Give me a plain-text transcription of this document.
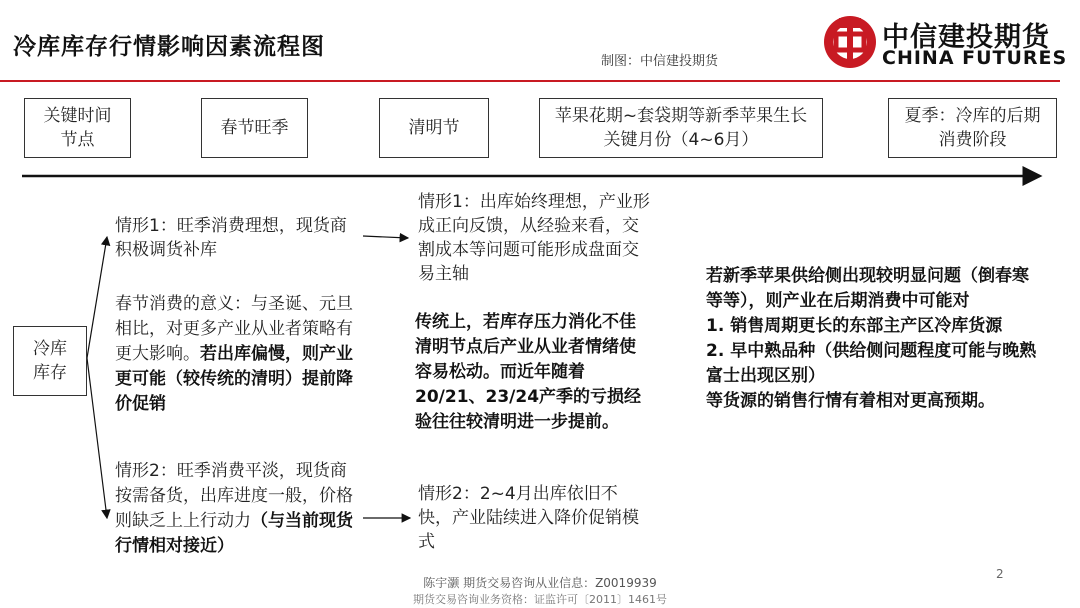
冷库库存行情影响因素流程图
制图：中信建投期货
中信建投期货
CHINA FUTURES
关键时间节点
春节旺季	清明节
苹果花期~套袋期等新季苹果生长关键月份（4~6月）
夏季：冷库的后期消费阶段
冷库库存
情形1：旺季消费理想，现货商积极调货补库
春节消费的意义：与圣诞、元旦相比，对更多产业从业者策略有更大影响。若出库偏慢，则产业更可能（较传统的清明）提前降价促销
情形2：旺季消费平淡，现货商按需备货，出库进度一般，价格则缺乏上上行动力（与当前现货行情相对接近）
情形1：出库始终理想，产业形成正向反馈，从经验来看，交割成本等问题可能形成盘面交易主轴
传统上，若库存压力消化不佳清明节点后产业从业者情绪使容易松动。而近年随着20/21、23/24产季的亏损经验往往较清明进一步提前。
情形2：2~4月出库依旧不快，产业陆续进入降价促销模式
若新季苹果供给侧出现较明显问题（倒春寒等等），则产业在后期消费中可能对
1. 销售周期更长的东部主产区冷库货源
2. 早中熟品种（供给侧问题程度可能与晚熟富士出现区别）
等货源的销售行情有着相对更高预期。
2
陈宇灏 期货交易咨询从业信息：Z0019939
期货交易咨询业务资格：证监许可〔2011〕1461号
